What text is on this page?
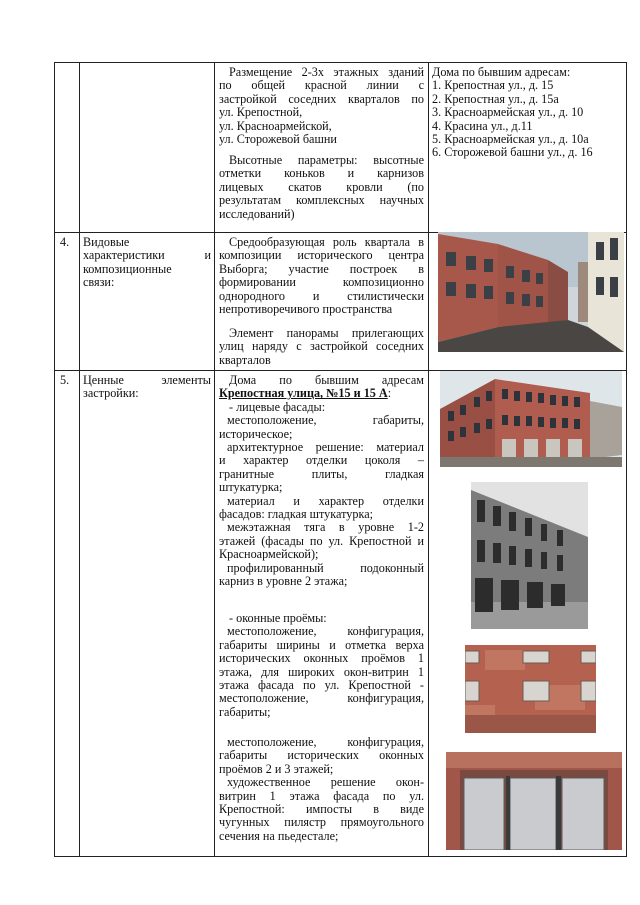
Размещение 2-3х этажных зданий
по общей красной линии с
застройкой соседних кварталов по
ул. Крепостной,
ул. Красноармейской,
ул. Сторожевой башни
Высотные параметры: высотные
отметки коньков и карнизов
лицевых скатов кровли (по
результатам комплексных научных
исследований)
Дома по бывшим адресам:
1. Крепостная ул., д. 15
2. Крепостная ул., д. 15а
3. Красноармейская ул., д. 10
4. Красина ул., д.11
5. Красноармейская ул., д. 10а
6. Сторожевой башни ул., д. 16
4. Видовые
характеристики и
композиционные
связи:
Средообразующая роль квартала в
композиции исторического центра
Выборга; участие построек в
формировании композиционно
однородного и стилистически
непротиворечивого пространства
Элемент панорамы прилегающих
улиц наряду с застройкой соседних
кварталов
5. Ценные элементы
застройки:
Дома по бывшим адресам
Крепостная улица, №15 и 15 А:
- лицевые фасады:
местоположение, габариты,
историческое;
архитектурное решение: материал
и характер отделки цоколя –
гранитные плиты, гладкая
штукатурка;
материал и характер отделки
фасадов: гладкая штукатурка;
межэтажная тяга в уровне 1-2
этажей (фасады по ул. Крепостной и
Красноармейской);
профилированный подоконный
карниз в уровне 2 этажа;
- оконные проёмы:
местоположение, конфигурация,
габариты ширины и отметка верха
исторических оконных проёмов 1
этажа, для широких окон-витрин 1
этажа фасада по ул. Крепостной -
местоположение, конфигурация,
габариты;
местоположение, конфигурация,
габариты исторических оконных
проёмов 2 и 3 этажей;
художественное решение окон-
витрин 1 этажа фасада по ул.
Крепостной: импосты в виде
чугунных пилястр прямоугольного
сечения на пьедестале;
